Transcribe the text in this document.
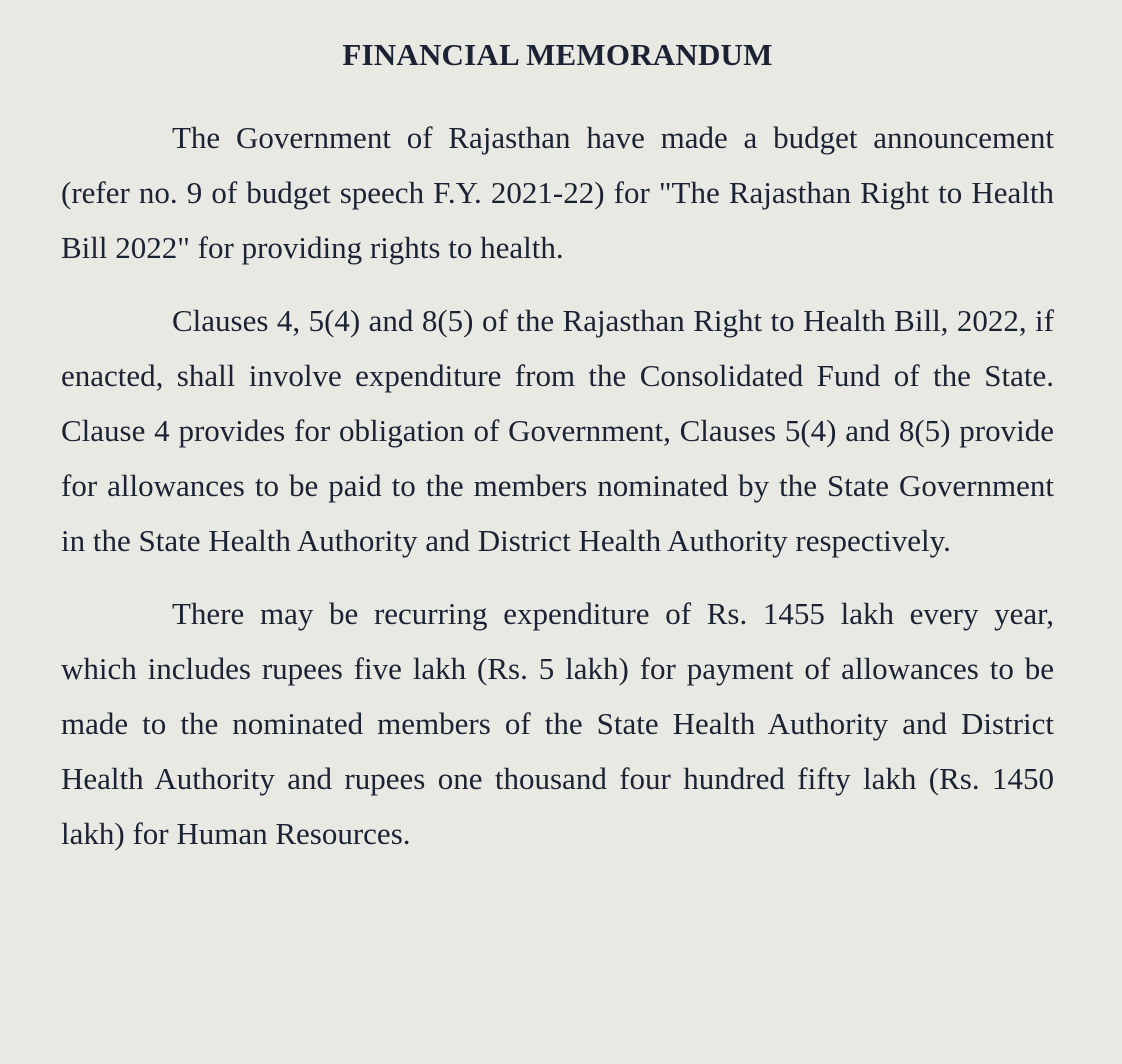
FINANCIAL MEMORANDUM

The Government of Rajasthan have made a budget announcement (refer no. 9 of budget speech F.Y. 2021-22) for "The Rajasthan Right to Health Bill 2022" for providing rights to health.

Clauses 4, 5(4) and 8(5) of the Rajasthan Right to Health Bill, 2022, if enacted, shall involve expenditure from the Consolidated Fund of the State. Clause 4 provides for obligation of Government, Clauses 5(4) and 8(5) provide for allowances to be paid to the members nominated by the State Government in the State Health Authority and District Health Authority respectively.

There may be recurring expenditure of Rs. 1455 lakh every year, which includes rupees five lakh (Rs. 5 lakh) for payment of allowances to be made to the nominated members of the State Health Authority and District Health Authority and rupees one thousand four hundred fifty lakh (Rs. 1450 lakh) for Human Resources.
